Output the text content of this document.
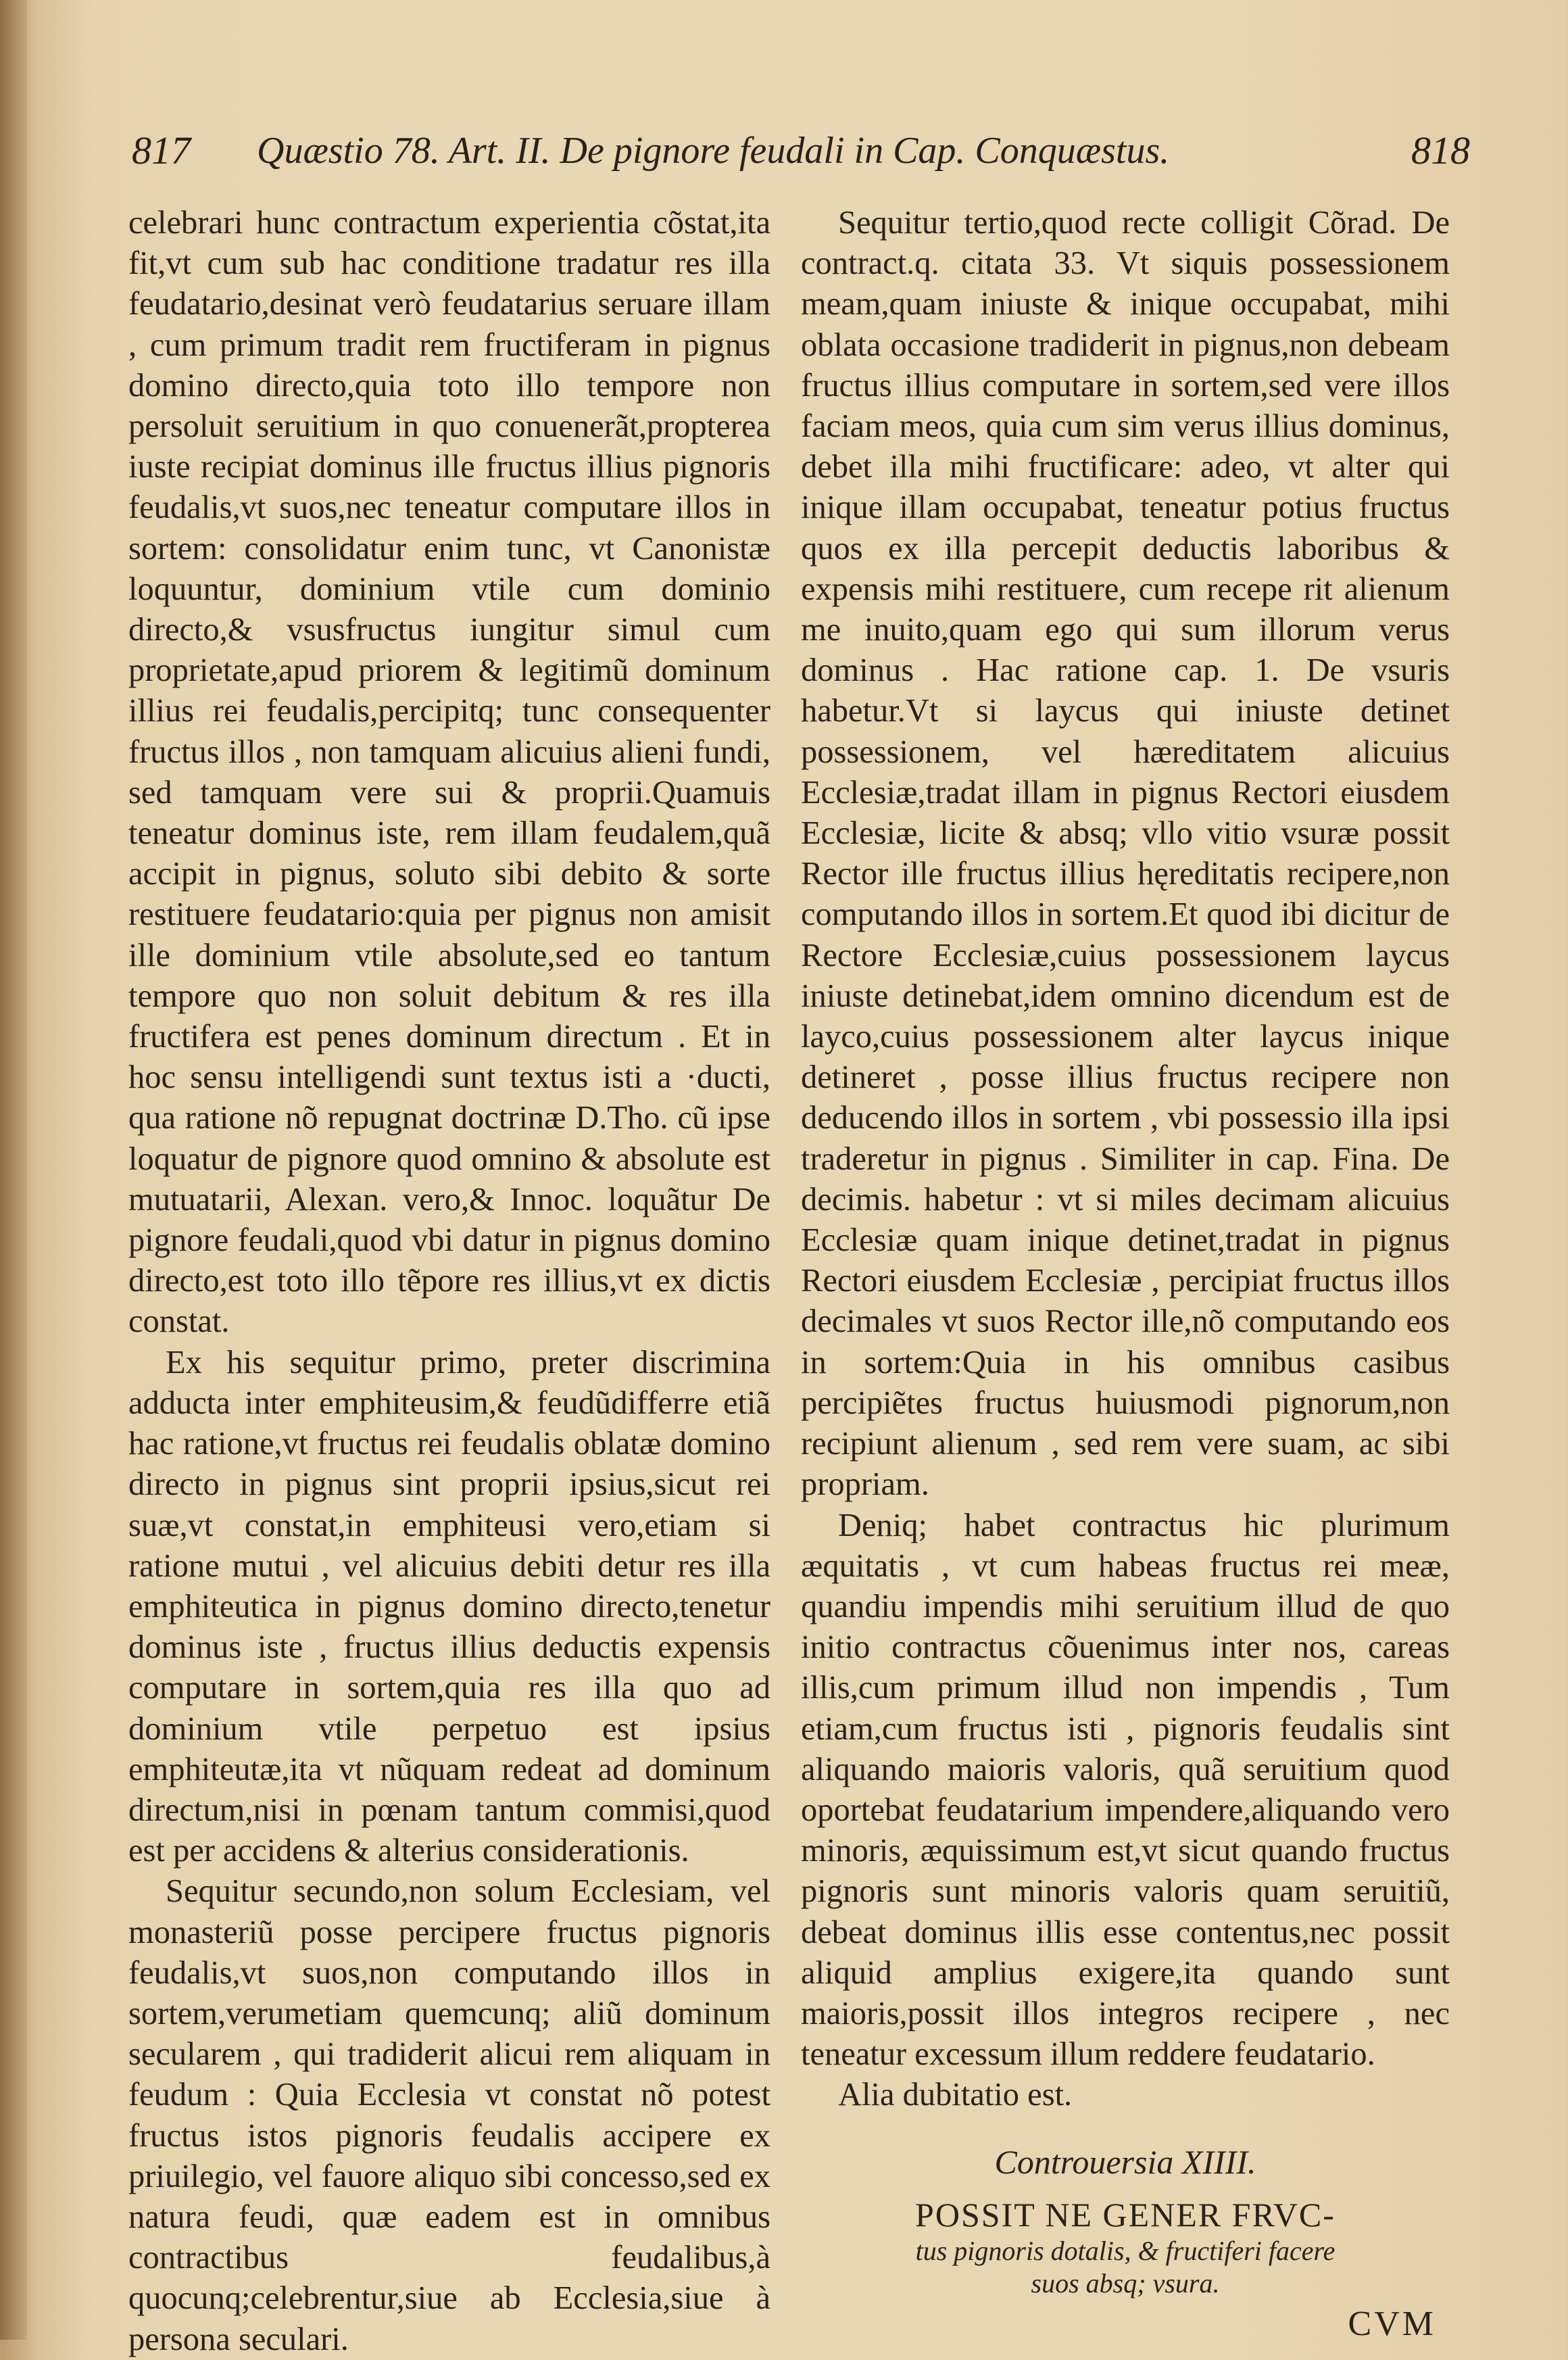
817 Quæstio 78. Art. II. De pignore feudali in Cap. Conquæstus.	818

celebrari hunc contractum experientia cõstat,ita fit,vt cum sub hac conditione tradatur res illa feudatario,desinat verò feudatarius seruare illam , cum primum tradit rem fructiferam in pignus domino directo,quia toto illo tempore non persoluit seruitium in quo conuenerãt,propterea iuste recipiat dominus ille fructus illius pignoris feudalis,vt suos,nec teneatur computare illos in sortem: consolidatur enim tunc, vt Canonistæ loquuntur, dominium vtile cum dominio directo,& vsusfructus iungitur simul cum proprietate,apud priorem & legitimũ dominum illius rei feudalis,percipitq; tunc consequenter fructus illos , non tamquam alicuius alieni fundi, sed tamquam vere sui & proprii.Quamuis teneatur dominus iste, rem illam feudalem,quã accipit in pignus, soluto sibi debito & sorte restituere feudatario:quia per pignus non amisit ille dominium vtile absolute,sed eo tantum tempore quo non soluit debitum & res illa fructifera est penes dominum directum . Et in hoc sensu intelligendi sunt textus isti a ·ducti, qua ratione nõ repugnat doctrinæ D.Tho. cũ ipse loquatur de pignore quod omnino & absolute est mutuatarii, Alexan. vero,& Innoc. loquãtur De pignore feudali,quod vbi datur in pignus domino directo,est toto illo tẽpore res illius,vt ex dictis constat.

Ex his sequitur primo, preter discrimina adducta inter emphiteusim,& feudũdifferre etiã hac ratione,vt fructus rei feudalis oblatæ domino directo in pignus sint proprii ipsius,sicut rei suæ,vt constat,in emphiteusi vero,etiam si ratione mutui , vel alicuius debiti detur res illa emphiteutica in pignus domino directo,tenetur dominus iste , fructus illius deductis expensis computare in sortem,quia res illa quo ad dominium vtile perpetuo est ipsius emphiteutæ,ita vt nũquam redeat ad dominum directum,nisi in pœnam tantum commisi,quod est per accidens & alterius considerationis.

Sequitur secundo,non solum Ecclesiam, vel monasteriũ posse percipere fructus pignoris feudalis,vt suos,non computando illos in sortem,verumetiam quemcunq; aliũ dominum secularem , qui tradiderit alicui rem aliquam in feudum : Quia Ecclesia vt constat nõ potest fructus istos pignoris feudalis accipere ex priuilegio, vel fauore aliquo sibi concesso,sed ex natura feudi, quæ eadem est in omnibus contractibus feudalibus,à quocunq;celebrentur,siue ab Ecclesia,siue à persona seculari.

Sequitur tertio,quod recte colligit Cõrad. De contract.q. citata 33. Vt siquis possessionem meam,quam iniuste & inique occupabat, mihi oblata occasione tradiderit in pignus,non debeam fructus illius computare in sortem,sed vere illos faciam meos, quia cum sim verus illius dominus, debet illa mihi fructificare: adeo, vt alter qui inique illam occupabat, teneatur potius fructus quos ex illa percepit deductis laboribus & expensis mihi restituere, cum recepe rit alienum me inuito,quam ego qui sum illorum verus dominus . Hac ratione cap. 1. De vsuris habetur.Vt si laycus qui iniuste detinet possessionem, vel hæreditatem alicuius Ecclesiæ,tradat illam in pignus Rectori eiusdem Ecclesiæ, licite & absq; vllo vitio vsuræ possit Rector ille fructus illius hęreditatis recipere,non computando illos in sortem.Et quod ibi dicitur de Rectore Ecclesiæ,cuius possessionem laycus iniuste detinebat,idem omnino dicendum est de layco,cuius possessionem alter laycus inique detineret , posse illius fructus recipere non deducendo illos in sortem , vbi possessio illa ipsi traderetur in pignus . Similiter in cap. Fina. De decimis. habetur : vt si miles decimam alicuius Ecclesiæ quam inique detinet,tradat in pignus Rectori eiusdem Ecclesiæ , percipiat fructus illos decimales vt suos Rector ille,nõ computando eos in sortem:Quia in his omnibus casibus percipiẽtes fructus huiusmodi pignorum,non recipiunt alienum , sed rem vere suam, ac sibi propriam.

Deniq; habet contractus hic plurimum æquitatis , vt cum habeas fructus rei meæ, quandiu impendis mihi seruitium illud de quo initio contractus cõuenimus inter nos, careas illis,cum primum illud non impendis , Tum etiam,cum fructus isti , pignoris feudalis sint aliquando maioris valoris, quã seruitium quod oportebat feudatarium impendere,aliquando vero minoris, æquissimum est,vt sicut quando fructus pignoris sunt minoris valoris quam seruitiũ, debeat dominus illis esse contentus,nec possit aliquid amplius exigere,ita quando sunt maioris,possit illos integros recipere , nec teneatur excessum illum reddere feudatario.

Alia dubitatio est.

Controuersia XIIII.
POSSIT NE GENER FRVC-
tus pignoris dotalis, & fructiferi facere
suos absq; vsura.
CVM
